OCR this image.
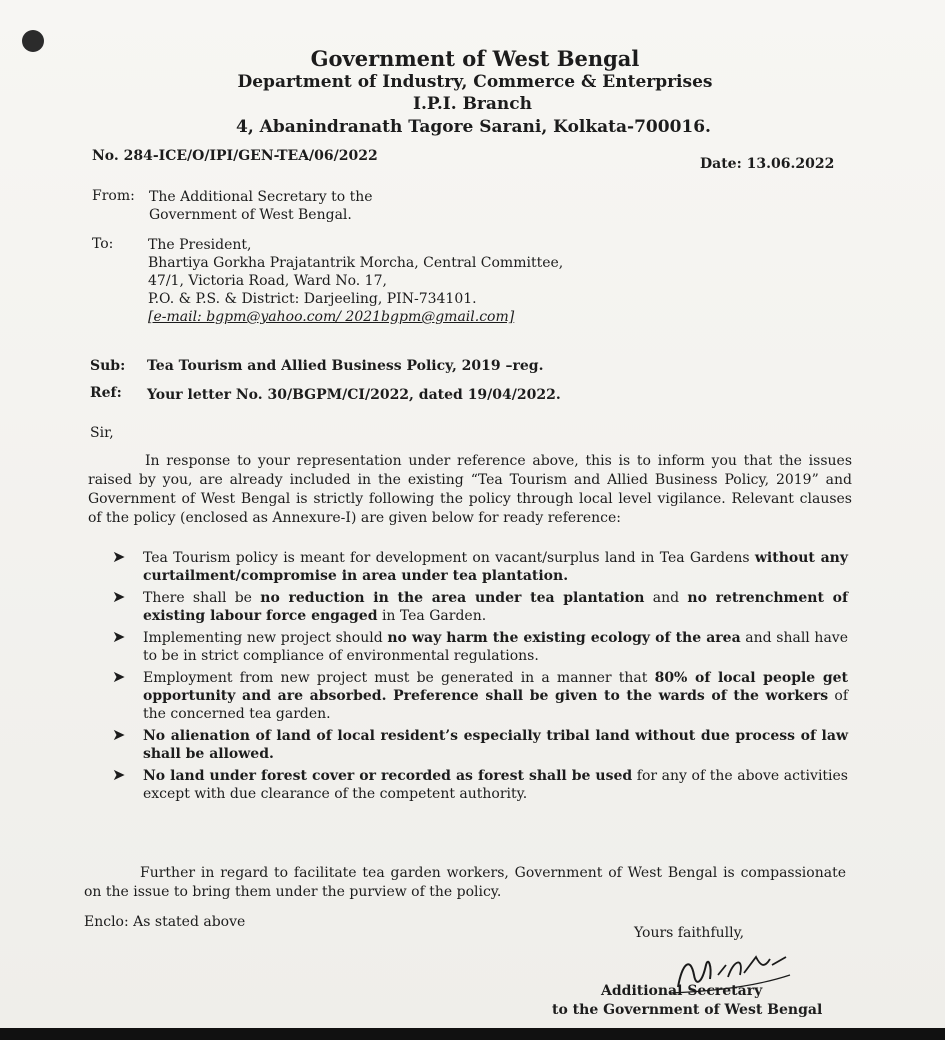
Government of West Bengal
Department of Industry, Commerce & Enterprises
I.P.I. Branch
4, Abanindranath Tagore Sarani, Kolkata-700016.
No. 284-ICE/O/IPI/GEN-TEA/06/2022	Date: 13.06.2022
From: The Additional Secretary to the
Government of West Bengal.
To: The President,
Bhartiya Gorkha Prajatantrik Morcha, Central Committee,
47/1, Victoria Road, Ward No. 17,
P.O. & P.S. & District: Darjeeling, PIN-734101.
[e-mail: bgpm@yahoo.com/ 2021bgpm@gmail.com]
Sub: Tea Tourism and Allied Business Policy, 2019 –reg.
Ref: Your letter No. 30/BGPM/CI/2022, dated 19/04/2022.
Sir,
In response to your representation under reference above, this is to inform you that the issues raised by you, are already included in the existing “Tea Tourism and Allied Business Policy, 2019” and Government of West Bengal is strictly following the policy through local level vigilance. Relevant clauses of the policy (enclosed as Annexure-I) are given below for ready reference:
➤ Tea Tourism policy is meant for development on vacant/surplus land in Tea Gardens without any curtailment/compromise in area under tea plantation.
➤ There shall be no reduction in the area under tea plantation and no retrenchment of existing labour force engaged in Tea Garden.
➤ Implementing new project should no way harm the existing ecology of the area and shall have to be in strict compliance of environmental regulations.
➤ Employment from new project must be generated in a manner that 80% of local people get opportunity and are absorbed. Preference shall be given to the wards of the workers of the concerned tea garden.
➤ No alienation of land of local resident’s especially tribal land without due process of law shall be allowed.
➤ No land under forest cover or recorded as forest shall be used for any of the above activities except with due clearance of the competent authority.
Further in regard to facilitate tea garden workers, Government of West Bengal is compassionate on the issue to bring them under the purview of the policy.
Enclo: As stated above
Yours faithfully,
Additional Secretary
to the Government of West Bengal
